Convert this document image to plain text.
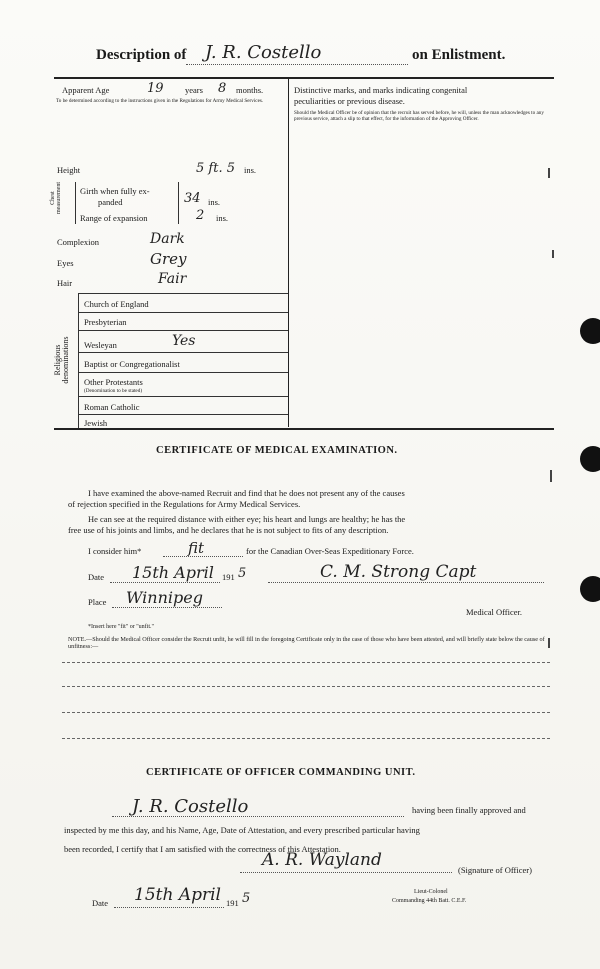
Description of J. R. Costello	on Enlistment.
Apparent Age	19	years 8 months.
To be determined according to the instructions given in the Regulations for Army Medical Services.
Height	5 ft. 5 ins.
Chest measurement Girth when fully ex-
panded	34 ins.
Range of expansion	2 ins.
Complexion	Dark
Eyes	Grey
Hair	Fair
Religious denominations
Church of England
Presbyterian
Wesleyan	Yes
Baptist or Congregationalist
Other Protestants
(Denomination to be stated)
Roman Catholic
Jewish
Distinctive marks, and marks indicating congenital
peculiarities or previous disease.
Should the Medical Officer be of opinion that the recruit has served before, he will, unless the man acknowledges to any previous service, attach a slip to that effect, for the information of the Approving Officer.
CERTIFICATE OF MEDICAL EXAMINATION.
I have examined the above-named Recruit and find that he does not present any of the causes
of rejection specified in the Regulations for Army Medical Services.
He can see at the required distance with either eye; his heart and lungs are healthy; he has the
free use of his joints and limbs, and he declares that he is not subject to fits of any description.
I consider him*	fit	for the Canadian Over-Seas Expeditionary Force.
Date 15th April 191 5	C. M. Strong Capt
Place Winnipeg
Medical Officer.
*Insert here "fit" or "unfit."
NOTE.—Should the Medical Officer consider the Recruit unfit, he will fill in the foregoing Certificate only in the case of those who have been attested, and will briefly state below the cause of unfitness:—
CERTIFICATE OF OFFICER COMMANDING UNIT.
J. R. Costello	having been finally approved and
inspected by me this day, and his Name, Age, Date of Attestation, and every prescribed particular having
been recorded, I certify that I am satisfied with the correctness of this Attestation.
A. R. Wayland	(Signature of Officer)
Lieut-Colonel
Commanding 44th Batt. C.E.F.
Date 15th April 191 5
